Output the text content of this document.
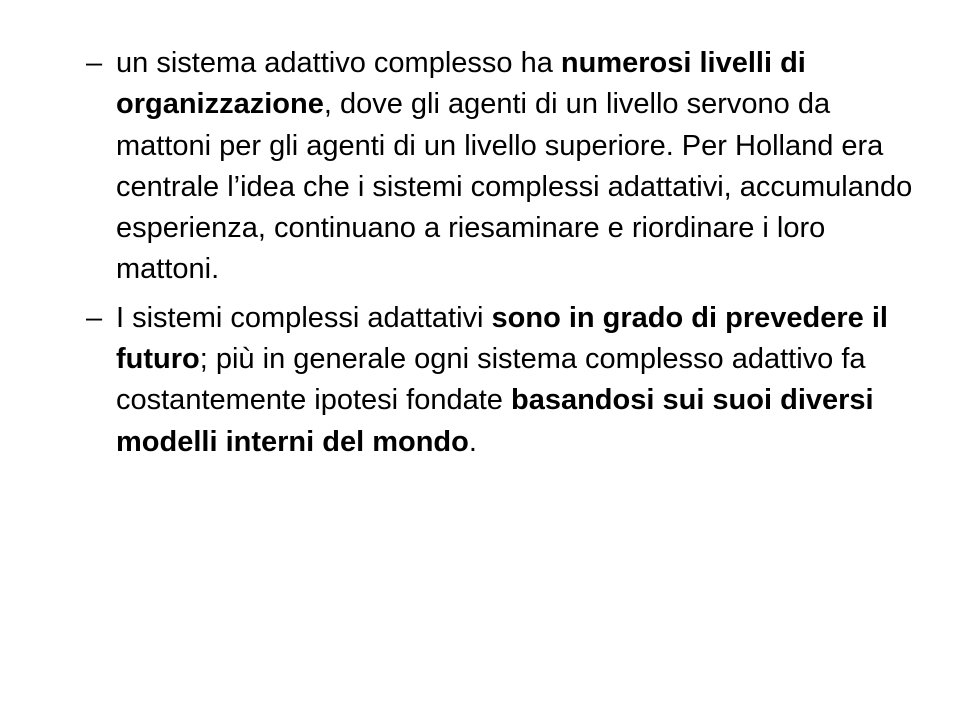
– un sistema adattivo complesso ha numerosi livelli di organizzazione, dove gli agenti di un livello servono da mattoni per gli agenti di un livello superiore. Per Holland era centrale l’idea che i sistemi complessi adattativi, accumulando esperienza, continuano a riesaminare e riordinare i loro mattoni.
– I sistemi complessi adattativi sono in grado di prevedere il futuro; più in generale ogni sistema complesso adattivo fa costantemente ipotesi fondate basandosi sui suoi diversi modelli interni del mondo.
